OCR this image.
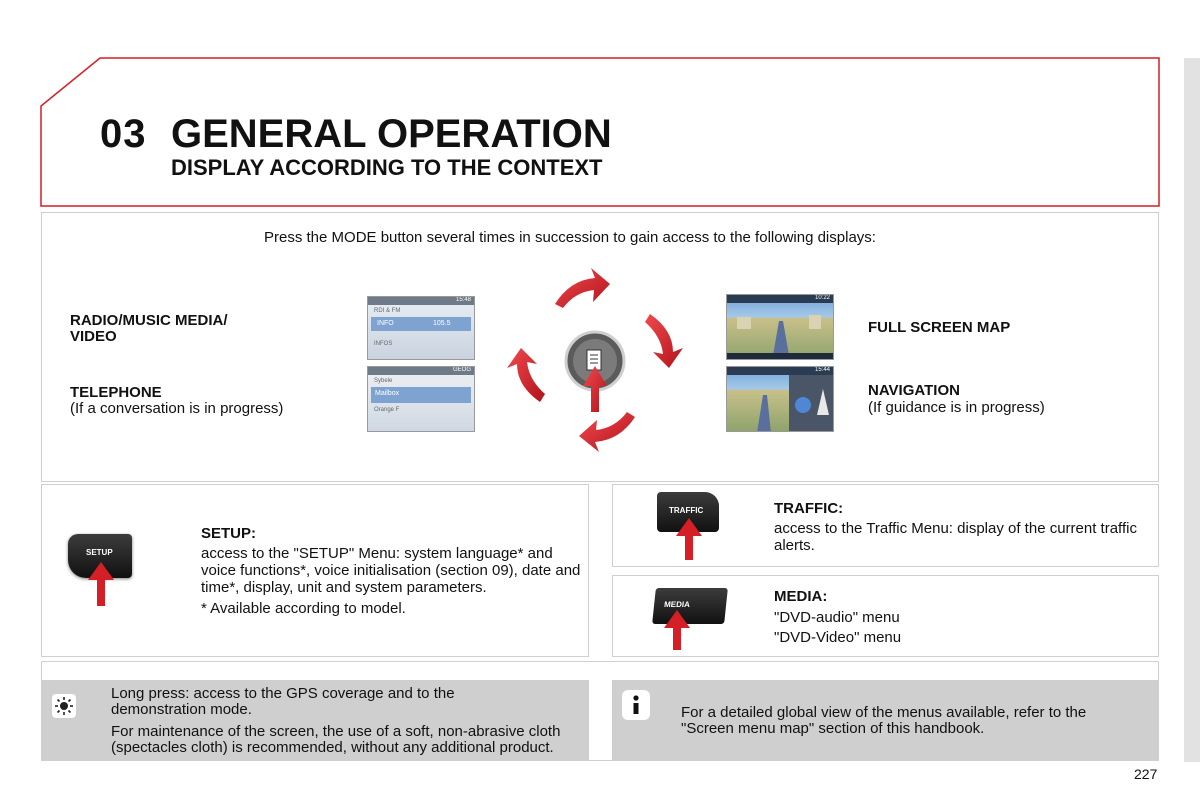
03 GENERAL OPERATION
DISPLAY ACCORDING TO THE CONTEXT
Press the MODE button several times in succession to gain access to the following displays:
RADIO/MUSIC MEDIA/
VIDEO
TELEPHONE
(If a conversation is in progress)
FULL SCREEN MAP
NAVIGATION
(If guidance is in progress)
15:48
RDI & FM
INFO	105.5
INFOS
GEOG
Sybele
Mailbox
Orange F
10:22
15:44
SETUP
SETUP:
access to the "SETUP" Menu: system language* and voice functions*, voice initialisation (section 09), date and time*, display, unit and system parameters.
* Available according to model.
TRAFFIC	TRAFFIC:
access to the Traffic Menu: display of the current traffic alerts.
MEDIA	MEDIA:
"DVD-audio" menu
"DVD-Video" menu
Long press: access to the GPS coverage and to the demonstration mode.
For maintenance of the screen, the use of a soft, non-abrasive cloth (spectacles cloth) is recommended, without any additional product.
For a detailed global view of the menus available, refer to the "Screen menu map" section of this handbook.
227
